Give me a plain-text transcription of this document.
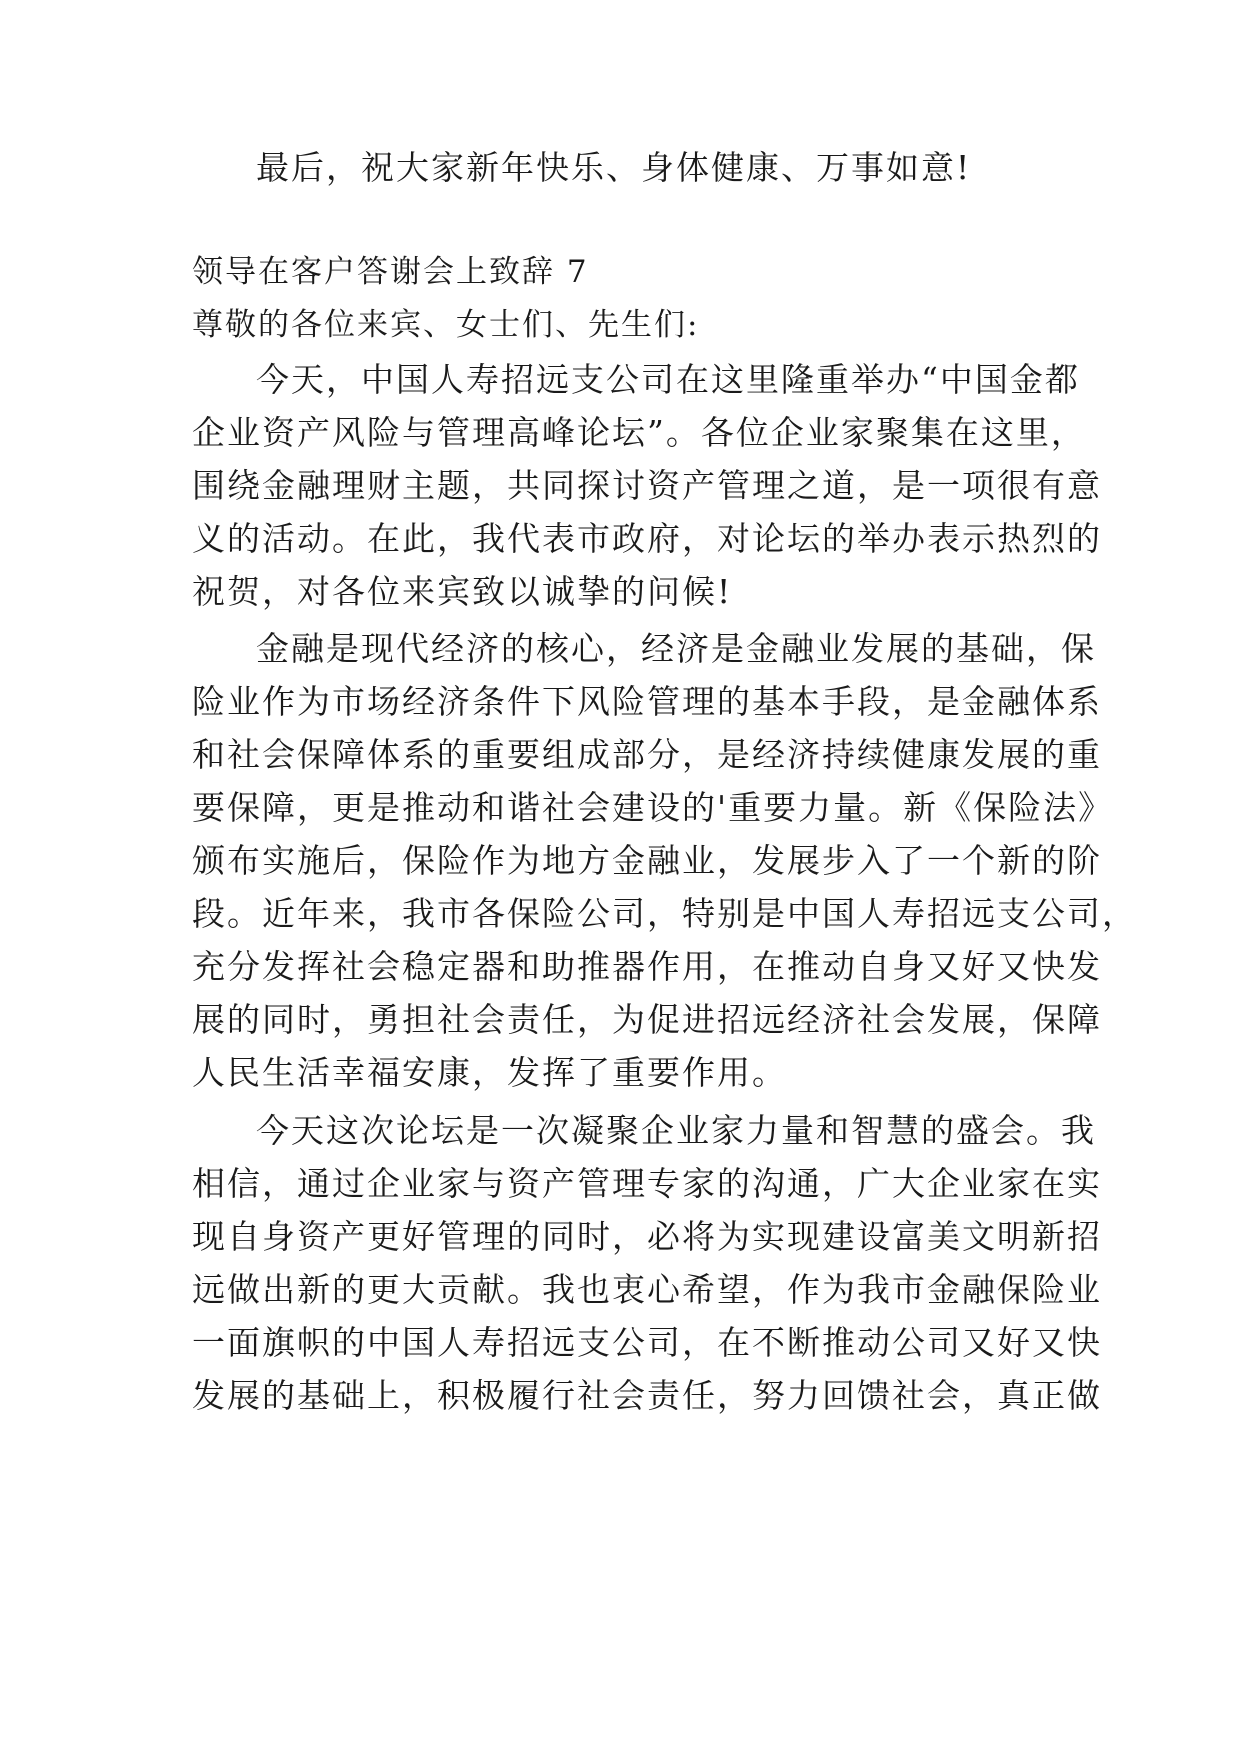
最后，祝大家新年快乐、身体健康、万事如意!
领导在客户答谢会上致辞 7
尊敬的各位来宾、女士们、先生们:
今天，中国人寿招远支公司在这里隆重举办“中国金都
企业资产风险与管理高峰论坛”。各位企业家聚集在这里，
围绕金融理财主题，共同探讨资产管理之道，是一项很有意
义的活动。在此，我代表市政府，对论坛的举办表示热烈的
祝贺，对各位来宾致以诚挚的问候!
金融是现代经济的核心，经济是金融业发展的基础，保
险业作为市场经济条件下风险管理的基本手段，是金融体系
和社会保障体系的重要组成部分，是经济持续健康发展的重
要保障，更是推动和谐社会建设的'重要力量。新《保险法》
颁布实施后，保险作为地方金融业，发展步入了一个新的阶
段。近年来，我市各保险公司，特别是中国人寿招远支公司，
充分发挥社会稳定器和助推器作用，在推动自身又好又快发
展的同时，勇担社会责任，为促进招远经济社会发展，保障
人民生活幸福安康，发挥了重要作用。
今天这次论坛是一次凝聚企业家力量和智慧的盛会。我
相信，通过企业家与资产管理专家的沟通，广大企业家在实
现自身资产更好管理的同时，必将为实现建设富美文明新招
远做出新的更大贡献。我也衷心希望，作为我市金融保险业
一面旗帜的中国人寿招远支公司，在不断推动公司又好又快
发展的基础上，积极履行社会责任，努力回馈社会，真正做
